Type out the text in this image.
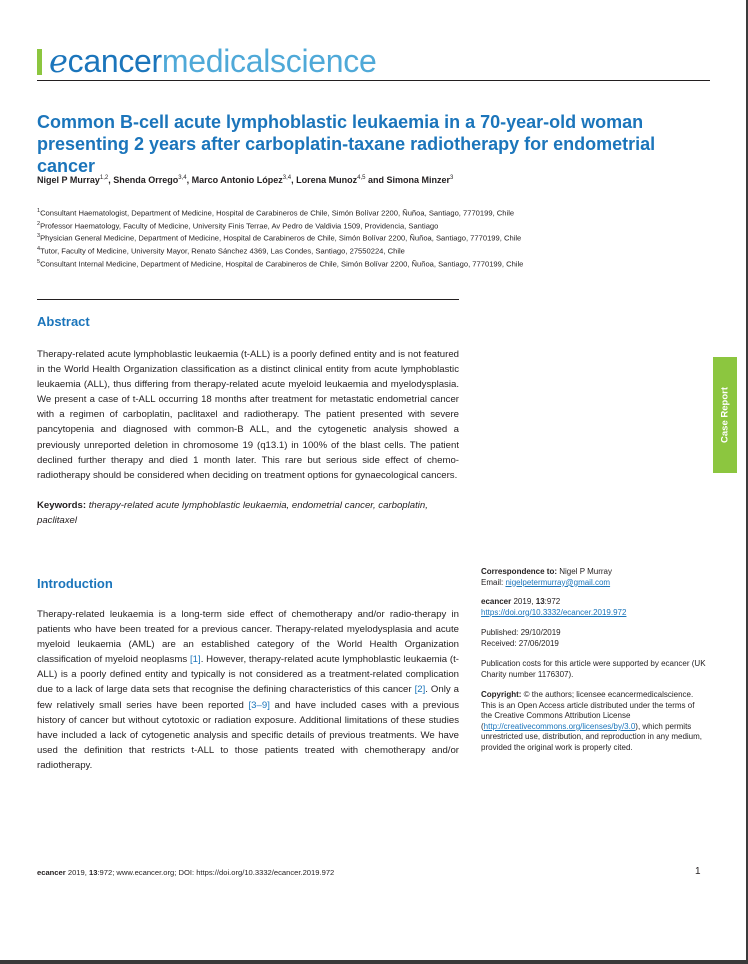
ecancermedicalscience
Common B-cell acute lymphoblastic leukaemia in a 70-year-old woman presenting 2 years after carboplatin-taxane radiotherapy for endometrial cancer
Nigel P Murray$^{1,2}$, Shenda Orrego$^{3,4}$, Marco Antonio López$^{3,4}$, Lorena Munoz$^{4,5}$ and Simona Minzer$^3$
$^1$Consultant Haematologist, Department of Medicine, Hospital de Carabineros de Chile, Simón Bolívar 2200, Ñuñoa, Santiago, 7770199, Chile
$^2$Professor Haematology, Faculty of Medicine, University Finis Terrae, Av Pedro de Valdivia 1509, Providencia, Santiago
$^3$Physician General Medicine, Department of Medicine, Hospital de Carabineros de Chile, Simón Bolívar 2200, Ñuñoa, Santiago, 7770199, Chile
$^4$Tutor, Faculty of Medicine, University Mayor, Renato Sánchez 4369, Las Condes, Santiago, 27550224, Chile
$^5$Consultant Internal Medicine, Department of Medicine, Hospital de Carabineros de Chile, Simón Bolívar 2200, Ñuñoa, Santiago, 7770199, Chile
Abstract
Therapy-related acute lymphoblastic leukaemia (t-ALL) is a poorly defined entity and is not featured in the World Health Organization classification as a distinct clinical entity from acute lymphoblastic leukaemia (ALL), thus differing from therapy-related acute myeloid leukaemia and myelodysplasia. We present a case of t-ALL occurring 18 months after treatment for metastatic endometrial cancer with a regimen of carboplatin, paclitaxel and radiotherapy. The patient presented with severe pancytopenia and diagnosed with common-B ALL, and the cytogenetic analysis showed a previously unreported deletion in chromosome 19 (q13.1) in 100% of the blast cells. The patient declined further therapy and died 1 month later. This rare but serious side effect of chemo-radiotherapy should be considered when deciding on treatment options for gynaecological cancers.
Keywords: therapy-related acute lymphoblastic leukaemia, endometrial cancer, carboplatin, paclitaxel
Introduction
Therapy-related leukaemia is a long-term side effect of chemotherapy and/or radio-therapy in patients who have been treated for a previous cancer. Therapy-related myelodysplasia and acute myeloid leukaemia (AML) are an established category of the World Health Organization classification of myeloid neoplasms [1]. However, therapy-related acute lymphoblastic leukaemia (t-ALL) is a poorly defined entity and typically is not considered as a treatment-related complication due to a lack of large data sets that recognise the defining characteristics of this cancer [2]. Only a few relatively small series have been reported [3–9] and have included cases with a previous history of cancer but without cytotoxic or radiation exposure. Additional limitations of these studies have included a lack of cytogenetic analysis and specific details of previous treatments. We have used the definition that restricts t-ALL to those patients treated with chemotherapy and/or radiotherapy.
Case Report
Correspondence to: Nigel P Murray
Email: nigelpetermurray@gmail.com
ecancer 2019, 13:972
https://doi.org/10.3332/ecancer.2019.972
Published: 29/10/2019
Received: 27/06/2019
Publication costs for this article were supported by ecancer (UK Charity number 1176307).
Copyright: © the authors; licensee ecancermedicalscience. This is an Open Access article distributed under the terms of the Creative Commons Attribution License (http://creativecommons.org/licenses/by/3.0), which permits unrestricted use, distribution, and reproduction in any medium, provided the original work is properly cited.
ecancer 2019, 13:972; www.ecancer.org; DOI: https://doi.org/10.3332/ecancer.2019.972	1
